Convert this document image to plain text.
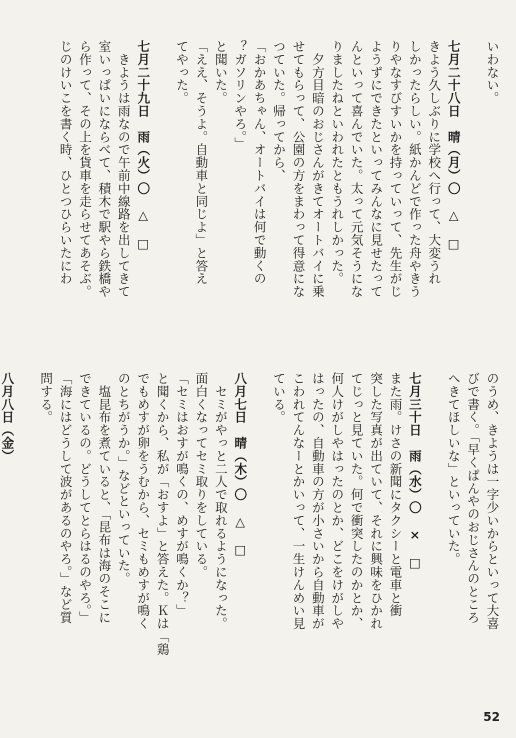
いわない。

七月二十八日　晴（月）〇　△　□

きよう久しぶりに学校へ行って、大変うれ

しかったらしい。紙かんどで作った舟やきう

りやなすびすいかを持っていって、先生がじ

ようずにできたといってみんなに見せたって

んといって喜んでいた。太って元気そうにな

りましたねといわれたともうれしかった。

　夕方目暗のおじさんがきてオートバイに乗

せてもらって、公園の方をまわって得意にな

つていた。帰ってから、

「おかあちゃん、オートバイは何で動くの

？ガソリンやろ。」

と聞いた。

「ええ、そうよ。自動車と同じよ」と答え

てやった。

七月二十九日　雨（火）〇　△　□

　きようは雨なので午前中線路を出してきて

室いっぱいにならべて、積木で駅やら鉄橋や

ら作って、その上を貨車を走らせてあそぶ。

じのけいこを書く時、ひとつひらいたにわ

のうめ、きようは一字少いからといって大喜

びで書く。「早くぱんやのおじさんのところ

へきてほしいな」といっていた。

七月三十日　雨（水）〇　×　□

また雨。けさの新聞にタクシーと電車と衝

突した写真が出ていて、それに興味をひかれ

てじっと見ていた。何で衝突したのかとか、

何人けがしやはったのとか、どこをけがしや

はったの、自動車の方が小さいから自動車が

こわれてんなーとかいって、一生けんめい見

ている。

八月七日　晴（木）〇　△　□

　セミがやっと二人で取れるようになった。

面白くなってセミ取りをしている。

「セミはおすが鳴くの、めすが鳴くか？」

と聞くから、私が「おすよ」と答えた。Ｋは「鶏

でもめすが卵をうむから、セミもめすが鳴く

のとちがうか。」などといっていた。

　塩昆布を煮ていると、「昆布は海のそこに

できているの。どうしてとらはるのやろ。」

「海にはどうして波があるのやろ。」など質

問する。

八月八日（金）

52
